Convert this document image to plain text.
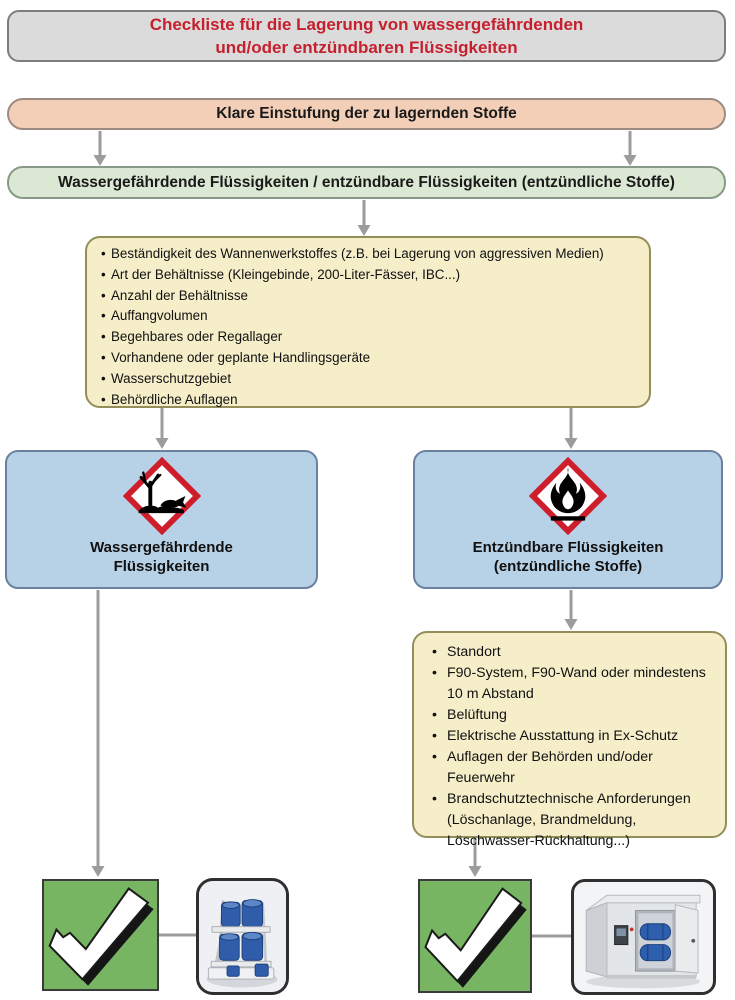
Checkliste für die Lagerung von wassergefährdenden
und/oder entzündbaren Flüssigkeiten
Klare Einstufung der zu lagernden Stoffe
Wassergefährdende Flüssigkeiten / entzündbare Flüssigkeiten (entzündliche Stoffe)
• Beständigkeit des Wannenwerkstoffes (z.B. bei Lagerung von aggressiven Medien)
• Art der Behältnisse (Kleingebinde, 200-Liter-Fässer, IBC...)
• Anzahl der Behältnisse
• Auffangvolumen
• Begehbares oder Regallager
• Vorhandene oder geplante Handlingsgeräte
• Wasserschutzgebiet
• Behördliche Auflagen
Wassergefährdende
Flüssigkeiten
Entzündbare Flüssigkeiten
(entzündliche Stoffe)
• Standort
• F90-System, F90-Wand oder mindestens 10 m Abstand
• Belüftung
• Elektrische Ausstattung in Ex-Schutz
• Auflagen der Behörden und/oder Feuerwehr
• Brandschutztechnische Anforderungen (Löschanlage, Brandmeldung, Löschwasser-Rückhaltung...)
